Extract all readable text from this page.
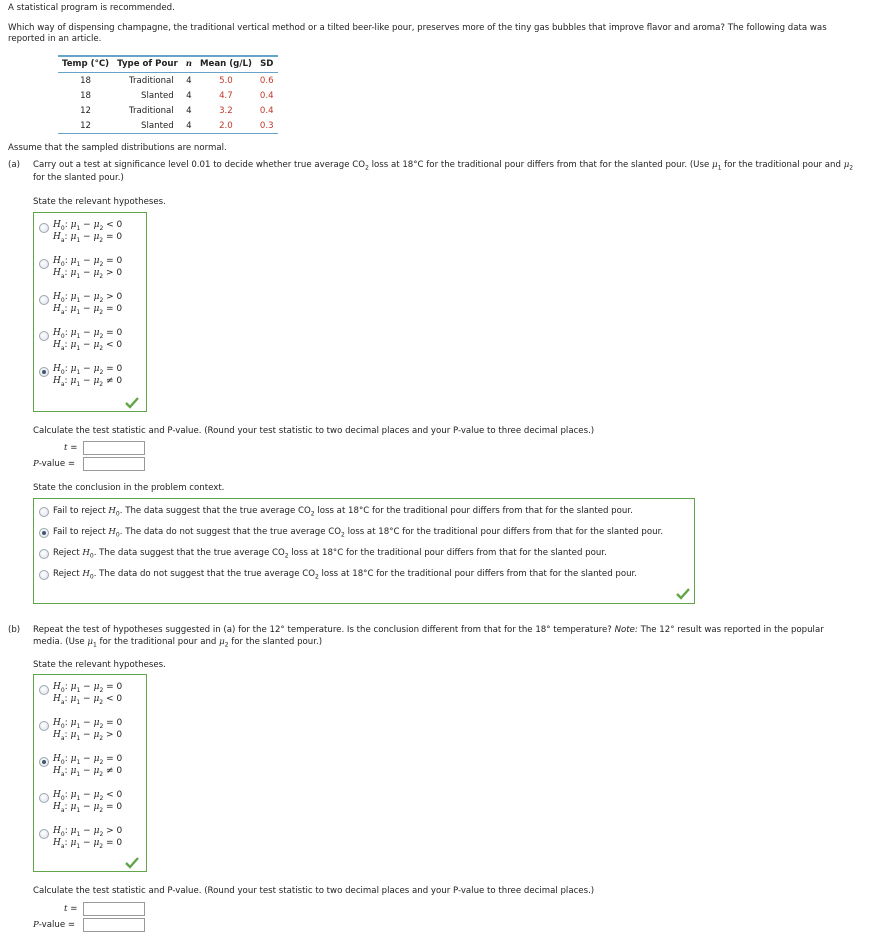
A statistical program is recommended.
Which way of dispensing champagne, the traditional vertical method or a tilted beer-like pour, preserves more of the tiny gas bubbles that improve flavor and aroma? The following data was
reported in an article.
Temp (°C)	Type of Pour	n	Mean (g/L)	SD
18	Traditional	4	5.0	0.6
18	Slanted	4	4.7	0.4
12	Traditional	4	3.2	0.4
12	Slanted	4	2.0	0.3
Assume that the sampled distributions are normal.
(a) Carry out a test at significance level 0.01 to decide whether true average $CO_2$ loss at 18°C for the traditional pour differs from that for the slanted pour. (Use $\mu_1$ for the traditional pour and $\mu_2$
for the slanted pour.)
State the relevant hypotheses.
$H_0$: $\mu_1 - \mu_2 < 0$
$H_a$: $\mu_1 - \mu_2 = 0$
$H_0$: $\mu_1 - \mu_2 = 0$
$H_a$: $\mu_1 - \mu_2 > 0$
$H_0$: $\mu_1 - \mu_2 > 0$
$H_a$: $\mu_1 - \mu_2 = 0$
$H_0$: $\mu_1 - \mu_2 = 0$
$H_a$: $\mu_1 - \mu_2 < 0$
$H_0$: $\mu_1 - \mu_2 = 0$
$H_a$: $\mu_1 - \mu_2 \ne 0$
Calculate the test statistic and P-value. (Round your test statistic to two decimal places and your P-value to three decimal places.)
t =
P-value =
State the conclusion in the problem context.
Fail to reject $H_0$. The data suggest that the true average $CO_2$ loss at 18°C for the traditional pour differs from that for the slanted pour.
Fail to reject $H_0$. The data do not suggest that the true average $CO_2$ loss at 18°C for the traditional pour differs from that for the slanted pour.
Reject $H_0$. The data suggest that the true average $CO_2$ loss at 18°C for the traditional pour differs from that for the slanted pour.
Reject $H_0$. The data do not suggest that the true average $CO_2$ loss at 18°C for the traditional pour differs from that for the slanted pour.
(b) Repeat the test of hypotheses suggested in (a) for the 12° temperature. Is the conclusion different from that for the 18° temperature? Note: The 12° result was reported in the popular
media. (Use $\mu_1$ for the traditional pour and $\mu_2$ for the slanted pour.)
State the relevant hypotheses.
$H_0$: $\mu_1 - \mu_2 = 0$
$H_a$: $\mu_1 - \mu_2 < 0$
$H_0$: $\mu_1 - \mu_2 = 0$
$H_a$: $\mu_1 - \mu_2 > 0$
$H_0$: $\mu_1 - \mu_2 = 0$
$H_a$: $\mu_1 - \mu_2 \ne 0$
$H_0$: $\mu_1 - \mu_2 < 0$
$H_a$: $\mu_1 - \mu_2 = 0$
$H_0$: $\mu_1 - \mu_2 > 0$
$H_a$: $\mu_1 - \mu_2 = 0$
Calculate the test statistic and P-value. (Round your test statistic to two decimal places and your P-value to three decimal places.)
t =
P-value =
